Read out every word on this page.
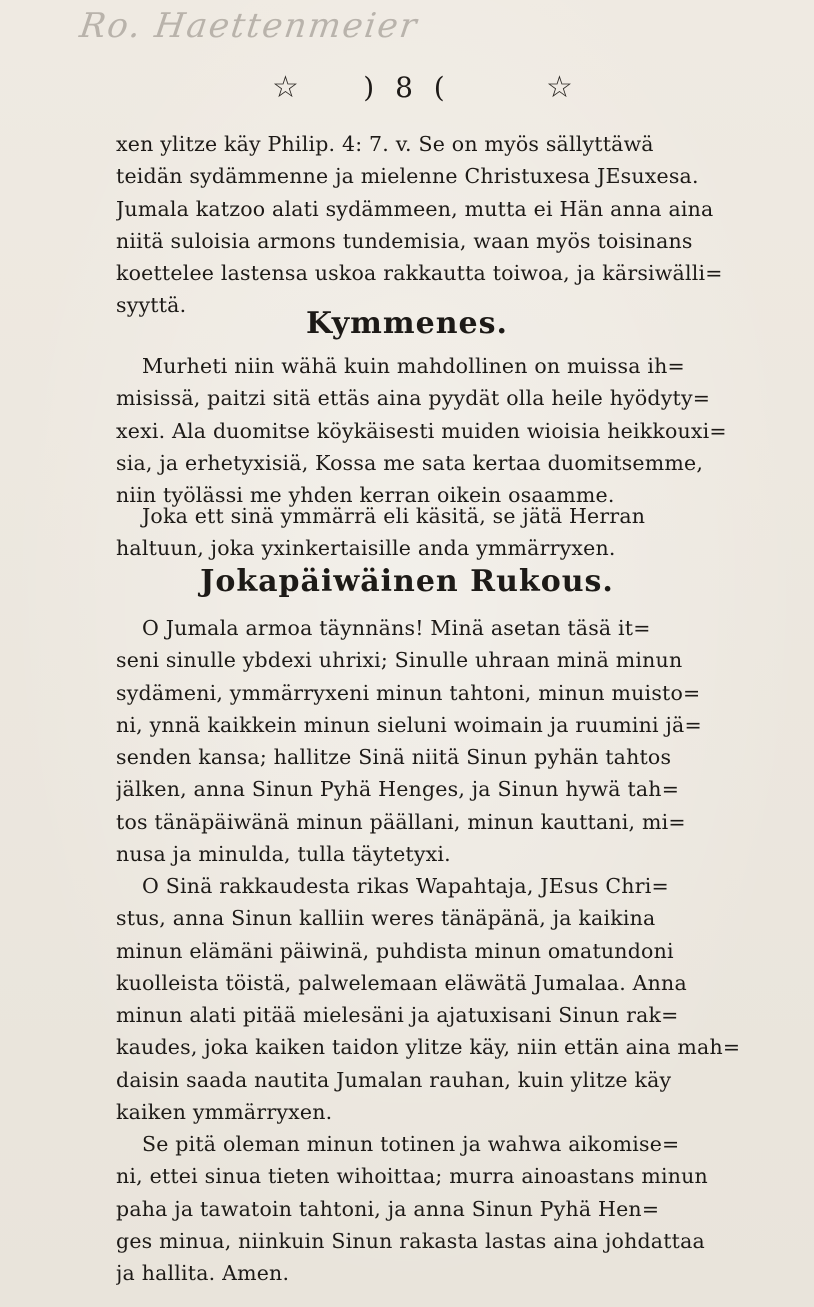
Ro. Haettenmeier
☆	) 8 (	☆
xen ylitze käy Philip. 4: 7. v. Se on myös sällyttäwä
teidän sydämmenne ja mielenne Christuxesa JEsuxesa.
Jumala katzoo alati sydämmeen, mutta ei Hän anna aina
niitä suloisia armons tundemisia, waan myös toisinans
koettelee lastensa uskoa rakkautta toiwoa, ja kärsiwälli=
syyttä.
Kymmenes.
Murheti niin wähä kuin mahdollinen on muissa ih=
misissä, paitzi sitä ettäs aina pyydät olla heile hyödyty=
xexi. Ala duomitse köykäisesti muiden wioisia heikkouxi=
sia, ja erhetyxisiä, Kossa me sata kertaa duomitsemme,
niin työlässi me yhden kerran oikein osaamme.
Joka ett sinä ymmärrä eli käsitä, se jätä Herran
haltuun, joka yxinkertaisille anda ymmärryxen.
Jokapäiwäinen Rukous.
O Jumala armoa täynnäns! Minä asetan täsä it=
seni sinulle ybdexi uhrixi; Sinulle uhraan minä minun
sydämeni, ymmärryxeni minun tahtoni, minun muisto=
ni, ynnä kaikkein minun sieluni woimain ja ruumini jä=
senden kansa; hallitze Sinä niitä Sinun pyhän tahtos
jälken, anna Sinun Pyhä Henges, ja Sinun hywä tah=
tos tänäpäiwänä minun päällani, minun kauttani, mi=
nusa ja minulda, tulla täytetyxi.
O Sinä rakkaudesta rikas Wapahtaja, JEsus Chri=
stus, anna Sinun kalliin weres tänäpänä, ja kaikina
minun elämäni päiwinä, puhdista minun omatundoni
kuolleista töistä, palwelemaan eläwätä Jumalaa. Anna
minun alati pitää mielesäni ja ajatuxisani Sinun rak=
kaudes, joka kaiken taidon ylitze käy, niin ettän aina mah=
daisin saada nautita Jumalan rauhan, kuin ylitze käy
kaiken ymmärryxen.
Se pitä oleman minun totinen ja wahwa aikomise=
ni, ettei sinua tieten wihoittaa; murra ainoastans minun
paha ja tawatoin tahtoni, ja anna Sinun Pyhä Hen=
ges minua, niinkuin Sinun rakasta lastas aina johdattaa
ja hallita. Amen.
